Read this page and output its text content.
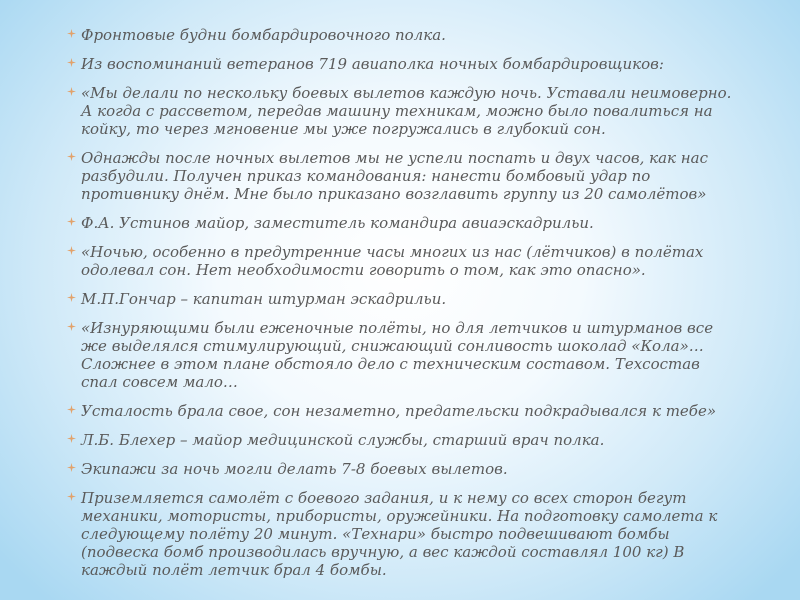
Фронтовые будни бомбардировочного полка.
Из воспоминаний ветеранов 719 авиаполка ночных бомбардировщиков:
«Мы делали по нескольку боевых вылетов каждую ночь. Уставали неимоверно. А когда с рассветом, передав машину техникам, можно было повалиться на койку, то через мгновение мы уже погружались в глубокий сон.
Однажды после ночных вылетов мы не успели поспать и двух часов, как нас разбудили. Получен приказ командования: нанести бомбовый удар по противнику днём. Мне было приказано возглавить группу из 20 самолётов»
Ф.А. Устинов майор, заместитель командира авиаэскадрильи.
«Ночью, особенно в предутренние часы многих из нас (лётчиков) в полётах одолевал сон. Нет необходимости говорить о том, как это опасно».
М.П.Гончар – капитан штурман эскадрильи.
«Изнуряющими были еженочные полёты, но для летчиков и штурманов все же выделялся стимулирующий, снижающий сонливость шоколад «Кола»…Сложнее в этом плане обстояло дело с техническим составом. Техсостав спал совсем мало…
Усталость брала свое, сон незаметно, предательски подкрадывался к тебе»
Л.Б. Блехер – майор медицинской службы, старший врач полка.
Экипажи за ночь могли делать 7-8 боевых вылетов.
Приземляется самолёт с боевого задания, и к нему со всех сторон бегут механики, мотористы, прибористы, оружейники. На подготовку самолета к следующему полёту 20 минут. «Технари» быстро подвешивают бомбы (подвеска бомб производилась вручную, а вес каждой составлял 100 кг) В каждый полёт летчик брал 4 бомбы.
